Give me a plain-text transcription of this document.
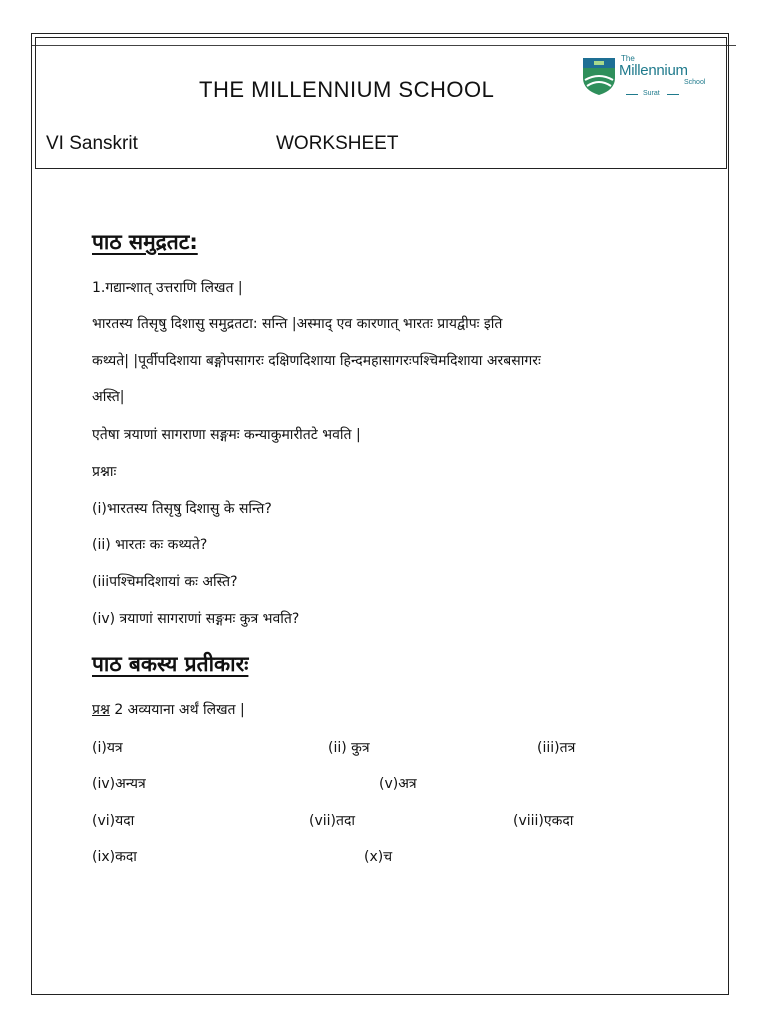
THE MILLENNIUM SCHOOL
VI Sanskrit	WORKSHEET
The
Millennium
School
Surat
पाठ समुद्रतट:
1.गद्यान्शात् उत्तराणि लिखत |
भारतस्य तिसृषु दिशासु समुद्रतटा: सन्ति |अस्माद् एव कारणात् भारतः प्रायद्वीपः इति
कथ्यते| |पूर्वीपदिशाया बङ्गोपसागरः दक्षिणदिशाया हिन्दमहासागरःपश्चिमदिशाया अरबसागरः
अस्ति|
एतेषा त्रयाणां सागराणा सङ्गमः कन्याकुमारीतटे भवति |
प्रश्नाः
(i)भारतस्य तिसृषु दिशासु के सन्ति?
(ii) भारतः कः कथ्यते?
(iiiपश्चिमदिशायां कः अस्ति?
(iv) त्रयाणां सागराणां सङ्गमः कुत्र भवति?
पाठ बकस्य प्रतीकारः
प्रश्न 2 अव्ययाना अर्थं लिखत |
(i)यत्र	(ii) कुत्र	(iii)तत्र
(iv)अन्यत्र	(v)अत्र
(vi)यदा	(vii)तदा	(viii)एकदा
(ix)कदा	(x)च
